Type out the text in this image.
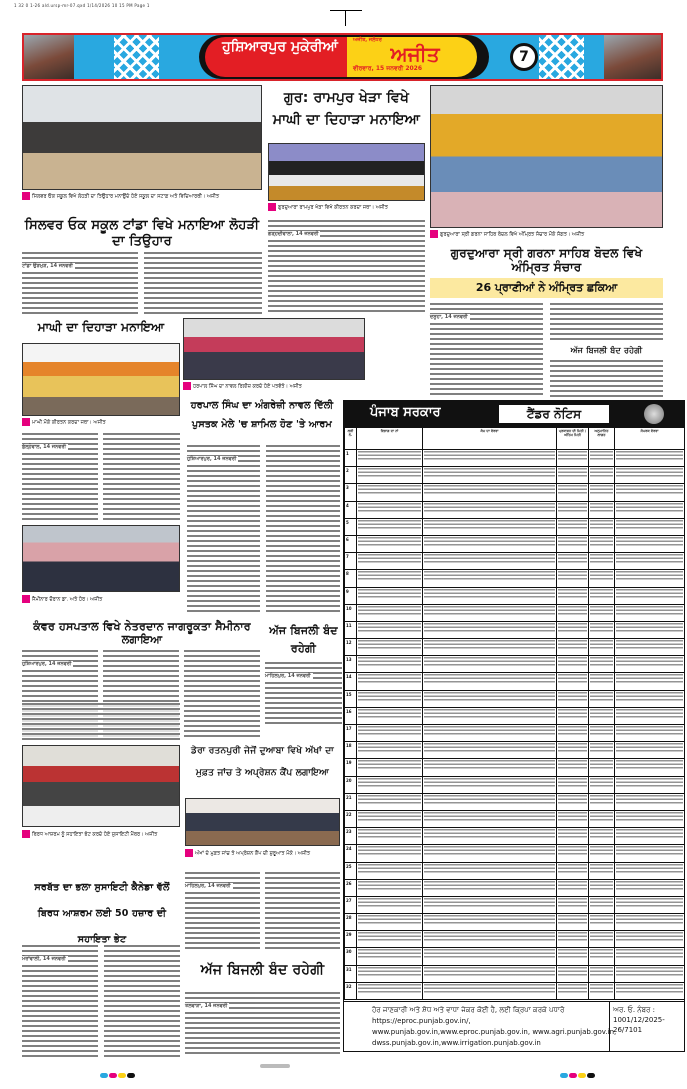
1 32 0 1-26 ald.ursp-mr-07.qxd 1/14/2026 10 15 PM Page 1
ਹੁਸ਼ਿਆਰਪੁਰ ਮੁਕੇਰੀਆਂ	ਅਜੀਤ, ਜਲੰਧਰ
ਅਜੀਤ
ਵੀਰਵਾਰ, 15 ਜਨਵਰੀ 2026
7
ਸਿਲਵਰ ਓਕ ਸਕੂਲ ਵਿਖੇ ਲੋਹੜੀ ਦਾ ਤਿਉਹਾਰ ਮਨਾਉਂਦੇ ਹੋਏ ਸਕੂਲ ਦਾ ਸਟਾਫ਼ ਅਤੇ ਵਿਦਿਆਰਥੀ। ਅਜੀਤ
ਸਿਲਵਰ ਓਕ ਸਕੂਲ ਟਾਂਡਾ ਵਿਖੇ ਮਨਾਇਆ ਲੋਹੜੀ ਦਾ ਤਿਉਹਾਰ
ਟਾਂਡਾ ਉੜਮੁੜ, 14 ਜਨਵਰੀ
ਗੁਰ: ਰਾਮਪੁਰ ਖੇੜਾ ਵਿਖੇ ਮਾਘੀ ਦਾ ਦਿਹਾੜਾ ਮਨਾਇਆ
ਗੁਰਦੁਆਰਾ ਰਾਮਪੁਰ ਖੇੜਾ ਵਿਖੇ ਕੀਰਤਨ ਕਰਦਾ ਜਥਾ। ਅਜੀਤ
ਗੜ੍ਹਦੀਵਾਲਾ, 14 ਜਨਵਰੀ	ਗੁਰਦੁਆਰਾ ਸ੍ਰੀ ਗਰਨਾ ਸਾਹਿਬ ਬੋਦਲ ਵਿਖੇ ਅੰਮ੍ਰਿਤ ਸੰਚਾਰ ਮੌਕੇ ਸੰਗਤ। ਅਜੀਤ
ਗੁਰਦੁਆਰਾ ਸ੍ਰੀ ਗਰਨਾ ਸਾਹਿਬ ਬੋਦਲ ਵਿਖੇ ਅੰਮ੍ਰਿਤ ਸੰਚਾਰ
26 ਪ੍ਰਾਣੀਆਂ ਨੇ ਅੰਮ੍ਰਿਤ ਛਕਿਆ
ਦਸੂਹਾ, 14 ਜਨਵਰੀ
ਅੱਜ ਬਿਜਲੀ ਬੰਦ ਰਹੇਗੀ
ਮਾਘੀ ਦਾ ਦਿਹਾੜਾ ਮਨਾਇਆ
ਮਾਘੀ ਮੌਕੇ ਕੀਰਤਨ ਕਰਦਾ ਜਥਾ। ਅਜੀਤ
ਬੁੱਲ੍ਹੋਵਾਲ, 14 ਜਨਵਰੀ
ਹਰਪਾਲ ਸਿੰਘ ਦਾ ਨਾਵਲ ਰਿਲੀਜ਼ ਕਰਦੇ ਹੋਏ ਪਤਵੰਤੇ। ਅਜੀਤ
ਹਰਪਾਲ ਸਿੰਘ ਦਾ ਅੰਗਰੇਜ਼ੀ ਨਾਵਲ ਦਿੱਲੀ ਪੁਸਤਕ ਮੇਲੇ 'ਚ ਸ਼ਾਮਿਲ ਹੋਣ 'ਤੇ ਆਰਮ
ਹੁਸ਼ਿਆਰਪੁਰ, 14 ਜਨਵਰੀ
ਸੈਮੀਨਾਰ ਦੌਰਾਨ ਡਾ. ਅਤੇ ਹੋਰ। ਅਜੀਤ
ਕੰਵਰ ਹਸਪਤਾਲ ਵਿਖੇ ਨੇਤਰਦਾਨ ਜਾਗਰੂਕਤਾ ਸੈਮੀਨਾਰ ਲਗਾਇਆ
ਹੁਸ਼ਿਆਰਪੁਰ, 14 ਜਨਵਰੀ
ਅੱਜ ਬਿਜਲੀ ਬੰਦ ਰਹੇਗੀ
ਮਾਹਿਲਪੁਰ, 14 ਜਨਵਰੀ
ਡੇਰਾ ਰਤਨਪੁਰੀ ਜੇਜੋਂ ਦੁਆਬਾ ਵਿਖੇ ਅੱਖਾਂ ਦਾ ਮੁਫ਼ਤ ਜਾਂਚ ਤੇ ਅਪ੍ਰੇਸ਼ਨ ਕੈਂਪ ਲਗਾਇਆ
ਅੱਖਾਂ ਦੇ ਮੁਫ਼ਤ ਜਾਂਚ ਤੇ ਅਪ੍ਰੇਸ਼ਨ ਕੈਂਪ ਦੀ ਸ਼ੁਰੂਆਤ ਮੌਕੇ। ਅਜੀਤ
ਮਾਹਿਲਪੁਰ, 14 ਜਨਵਰੀ
ਅੱਜ ਬਿਜਲੀ ਬੰਦ ਰਹੇਗੀ
ਤਲਵਾੜਾ, 14 ਜਨਵਰੀ
ਬਿਰਧ ਆਸ਼ਰਮ ਨੂੰ ਸਹਾਇਤਾ ਭੇਟ ਕਰਦੇ ਹੋਏ ਸੁਸਾਇਟੀ ਮੈਂਬਰ। ਅਜੀਤ
ਸਰਬੱਤ ਦਾ ਭਲਾ ਸੁਸਾਇਟੀ ਕੈਨੇਡਾ ਵੱਲੋਂ ਬਿਰਧ ਆਸ਼ਰਮ ਲਈ 50 ਹਜ਼ਾਰ ਦੀ ਸਹਾਇਤਾ ਭੇਟ
ਮੋਰਾਂਵਾਲੀ, 14 ਜਨਵਰੀ
ਪੰਜਾਬ ਸਰਕਾਰ	ਟੈਂਡਰ ਨੋਟਿਸ
ਲੜੀ ਨੰ.	ਵਿਭਾਗ ਦਾ ਨਾਂ	ਕੰਮ ਦਾ ਵੇਰਵਾ	ਪ੍ਰਕਾਸ਼ਨ ਦੀ ਮਿਤੀ / ਅੰਤਿਮ ਮਿਤੀ	ਅਨੁਮਾਨਿਤ ਲਾਗਤ	ਸੰਪਰਕ ਵੇਰਵਾ
1	

2	

3	

4	

5	

6	

7	

8	

9	

10	

11	

12	

13	

14	

15	

16	

17	

18	

19	

20	

21	

22	

23	

24	

25	

26	

27	

28	

29	

30	

31	

32	

ਹੋਰ ਜਾਣਕਾਰੀ ਅਤੇ ਸ਼ੋਧ ਅਤੇ ਵਾਧਾ ਜੇਕਰ ਕੋਈ ਹੈ, ਲਈ ਕ੍ਰਿਪਾ ਕਰਕੇ ਪਧਾਰੋ
https://eproc.punjab.gov.in/,
www.punjab.gov.in,www.eproc.punjab.gov.in, www.agri.punjab.gov.in,
dwss.punjab.gov.in,www.irrigation.punjab.gov.in
ਅਰ. ਓ. ਨੰਬਰ :
1001/12/2025-26/7101
